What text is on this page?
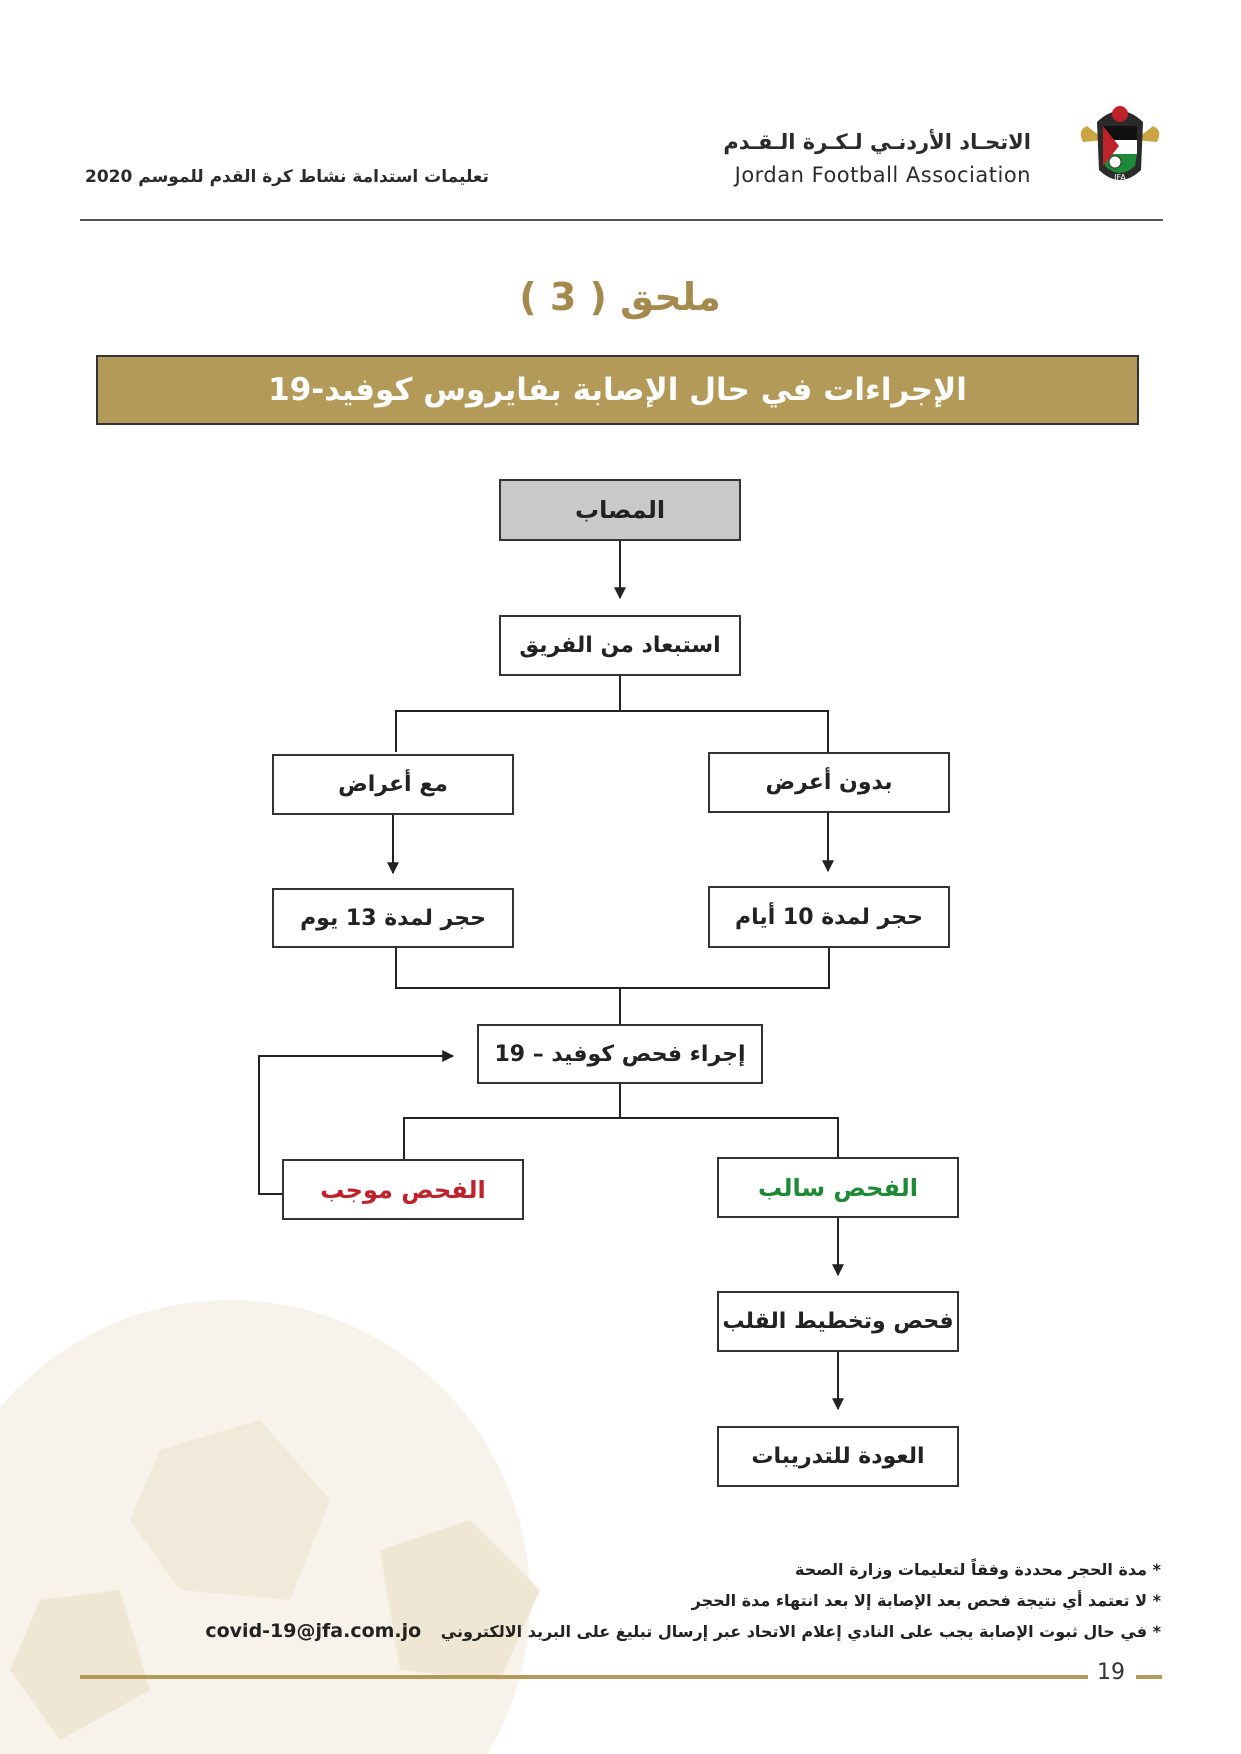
JFA
الاتحـاد الأردنـي لـكـرة الـقـدم
Jordan Football Association
تعليمات استدامة نشاط كرة القدم للموسم 2020
ملحق ( 3 )
الإجراءات في حال الإصابة بفايروس كوفيد-19
المصاب
استبعاد من الفريق
بدون أعرض
مع أعراض
حجر لمدة 10 أيام
حجر لمدة 13 يوم
إجراء فحص كوفيد – 19
الفحص سالب
الفحص موجب
فحص وتخطيط القلب
العودة للتدريبات
* مدة الحجر محددة وفقاً لتعليمات وزارة الصحة
* لا تعتمد أي نتيجة فحص بعد الإصابة إلا بعد انتهاء مدة الحجر
* في حال ثبوت الإصابة يجب على النادي إعلام الاتحاد عبر إرسال تبليغ على البريد الالكتروني covid-19@jfa.com.jo
19
